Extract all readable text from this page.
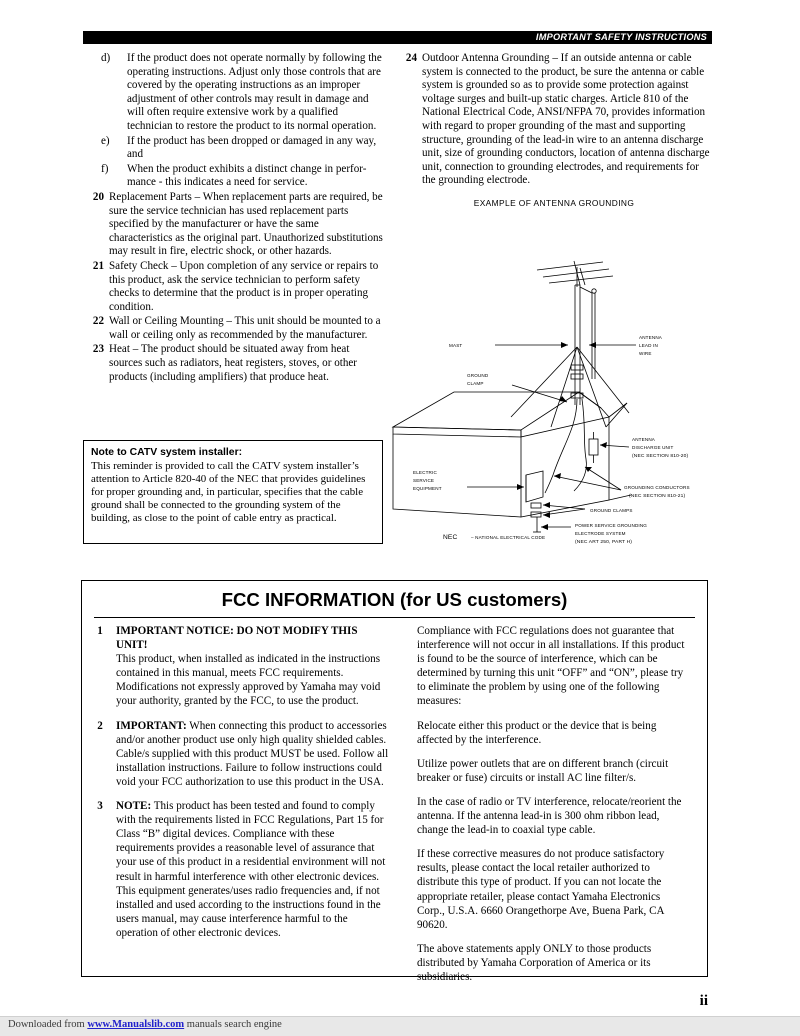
IMPORTANT SAFETY INSTRUCTIONS
d)	If the product does not operate normally by following the operating instructions. Adjust only those controls that are covered by the operating instructions as an improper adjustment of other controls may result in damage and will often require extensive work by a qualified technician to restore the product to its normal operation.

e)	If the product has been dropped or damaged in any way, and

f)	When the product exhibits a distinct change in perfor-mance - this indicates a need for service.

20 Replacement Parts – When replacement parts are required, be sure the service technician has used replacement parts specified by the manufacturer or have the same characteristics as the original part. Unauthorized substitutions may result in fire, electric shock, or other hazards.

21 Safety Check – Upon completion of any service or repairs to this product, ask the service technician to perform safety checks to determine that the product is in proper operating condition.

22 Wall or Ceiling Mounting – This unit should be mounted to a wall or ceiling only as recommended by the manufacturer.

23 Heat – The product should be situated away from heat sources such as radiators, heat registers, stoves, or other products (including amplifiers) that produce heat.

Note to CATV system installer:
This reminder is provided to call the CATV system installer’s attention to Article 820-40 of the NEC that provides guidelines for proper grounding and, in particular, specifies that the cable ground shall be connected to the grounding system of the building, as close to the point of cable entry as practical.
24 Outdoor Antenna Grounding – If an outside antenna or cable system is connected to the product, be sure the antenna or cable system is grounded so as to provide some protection against voltage surges and built-up static charges. Article 810 of the National Electrical Code, ANSI/NFPA 70, provides information with regard to proper grounding of the mast and supporting structure, grounding of the lead-in wire to an antenna discharge unit, size of grounding conductors, location of antenna discharge unit, connection to grounding electrodes, and requirements for the grounding electrode.

EXAMPLE OF ANTENNA GROUNDING
MAST
ANTENNA
LEAD IN
WIRE
GROUND
CLAMP
ANTENNA
DISCHARGE UNIT
(NEC SECTION 810-20)
ELECTRIC
SERVICE
EQUIPMENT	GROUNDING CONDUCTORS
(NEC SECTION 810-21)
GROUND CLAMPS
POWER SERVICE GROUNDING
ELECTRODE SYSTEM
(NEC ART 250, PART H)
NEC	– NATIONAL ELECTRICAL CODE
FCC INFORMATION (for US customers)
1 IMPORTANT NOTICE: DO NOT MODIFY THIS UNIT!

This product, when installed as indicated in the instructions contained in this manual, meets FCC requirements. Modifications not expressly approved by Yamaha may void your authority, granted by the FCC, to use the product.

2 IMPORTANT: When connecting this product to accessories and/or another product use only high quality shielded cables. Cable/s supplied with this product MUST be used. Follow all installation instructions. Failure to follow instructions could void your FCC authorization to use this product in the USA.

3 NOTE: This product has been tested and found to comply with the requirements listed in FCC Regulations, Part 15 for Class “B” digital devices. Compliance with these requirements provides a reasonable level of assurance that your use of this product in a residential environment will not result in harmful interference with other electronic devices.

This equipment generates/uses radio frequencies and, if not installed and used according to the instructions found in the users manual, may cause interference harmful to the operation of other electronic devices.

Compliance with FCC regulations does not guarantee that interference will not occur in all installations. If this product is found to be the source of interference, which can be determined by turning this unit “OFF” and “ON”, please try to eliminate the problem by using one of the following measures:

Relocate either this product or the device that is being affected by the interference.

Utilize power outlets that are on different branch (circuit breaker or fuse) circuits or install AC line filter/s.

In the case of radio or TV interference, relocate/reorient the antenna. If the antenna lead-in is 300 ohm ribbon lead, change the lead-in to coaxial type cable.

If these corrective measures do not produce satisfactory results, please contact the local retailer authorized to distribute this type of product. If you can not locate the appropriate retailer, please contact Yamaha Electronics Corp., U.S.A. 6660 Orangethorpe Ave, Buena Park, CA 90620.

The above statements apply ONLY to those products distributed by Yamaha Corporation of America or its subsidiaries.

ii
Downloaded from www.Manualslib.com manuals search engine
